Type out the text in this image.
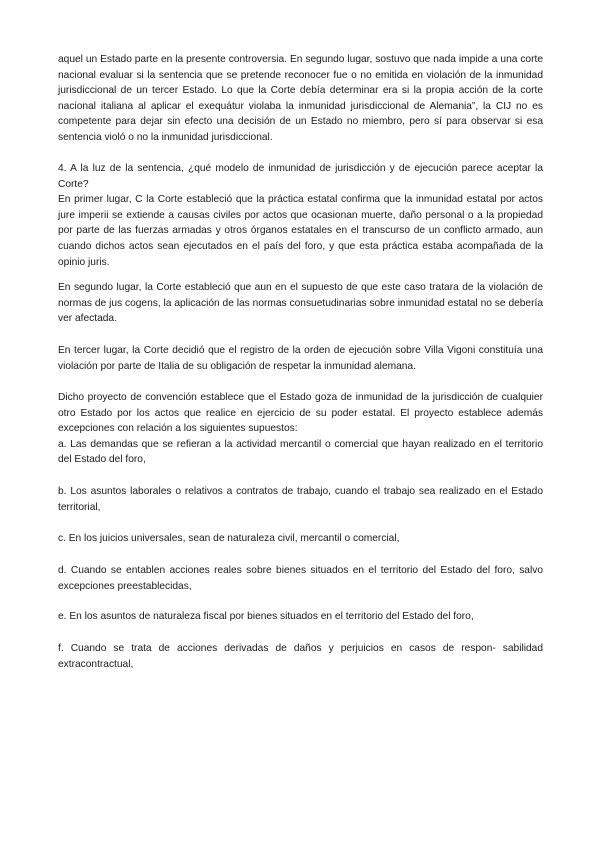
aquel un Estado parte en la presente controversia. En segundo lugar, sostuvo que nada impide a una corte nacional evaluar si la sentencia que se pretende reconocer fue o no emitida en violación de la inmunidad jurisdiccional de un tercer Estado. Lo que la Corte debía determinar era si la propia acción de la corte nacional italiana al aplicar el exequátur violaba la inmunidad jurisdiccional de Alemania”, la CIJ no es competente para dejar sin efecto una decisión de un Estado no miembro, pero sí para observar si esa sentencia violó o no la inmunidad jurisdiccional.

4. A la luz de la sentencia, ¿qué modelo de inmunidad de jurisdicción y de ejecución parece aceptar la Corte?

En primer lugar, C la Corte estableció que la práctica estatal confirma que la inmunidad estatal por actos jure imperii se extiende a causas civiles por actos que ocasionan muerte, daño personal o a la propiedad por parte de las fuerzas armadas y otros órganos estatales en el transcurso de un conflicto armado, aun cuando dichos actos sean ejecutados en el país del foro, y que esta práctica estaba acompañada de la opinio juris.

En segundo lugar, la Corte estableció que aun en el supuesto de que este caso tratara de la violación de normas de jus cogens, la aplicación de las normas consuetudinarias sobre inmunidad estatal no se debería ver afectada.

En tercer lugar, la Corte decidió que el registro de la orden de ejecución sobre Villa Vigoni constituía una violación por parte de Italia de su obligación de respetar la inmunidad alemana.

Dicho proyecto de convención establece que el Estado goza de inmunidad de la jurisdicción de cualquier otro Estado por los actos que realice en ejercicio de su poder estatal. El proyecto establece además excepciones con relación a los siguientes supuestos:

a. Las demandas que se refieran a la actividad mercantil o comercial que hayan realizado en el territorio del Estado del foro,

b. Los asuntos laborales o relativos a contratos de trabajo, cuando el trabajo sea realizado en el Estado territorial,

c. En los juicios universales, sean de naturaleza civil, mercantil o comercial,

d. Cuando se entablen acciones reales sobre bienes situados en el territorio del Estado del foro, salvo excepciones preestablecidas,

e. En los asuntos de naturaleza fiscal por bienes situados en el territorio del Estado del foro,

f. Cuando se trata de acciones derivadas de daños y perjuicios en casos de respon- sabilidad extracontractual,
